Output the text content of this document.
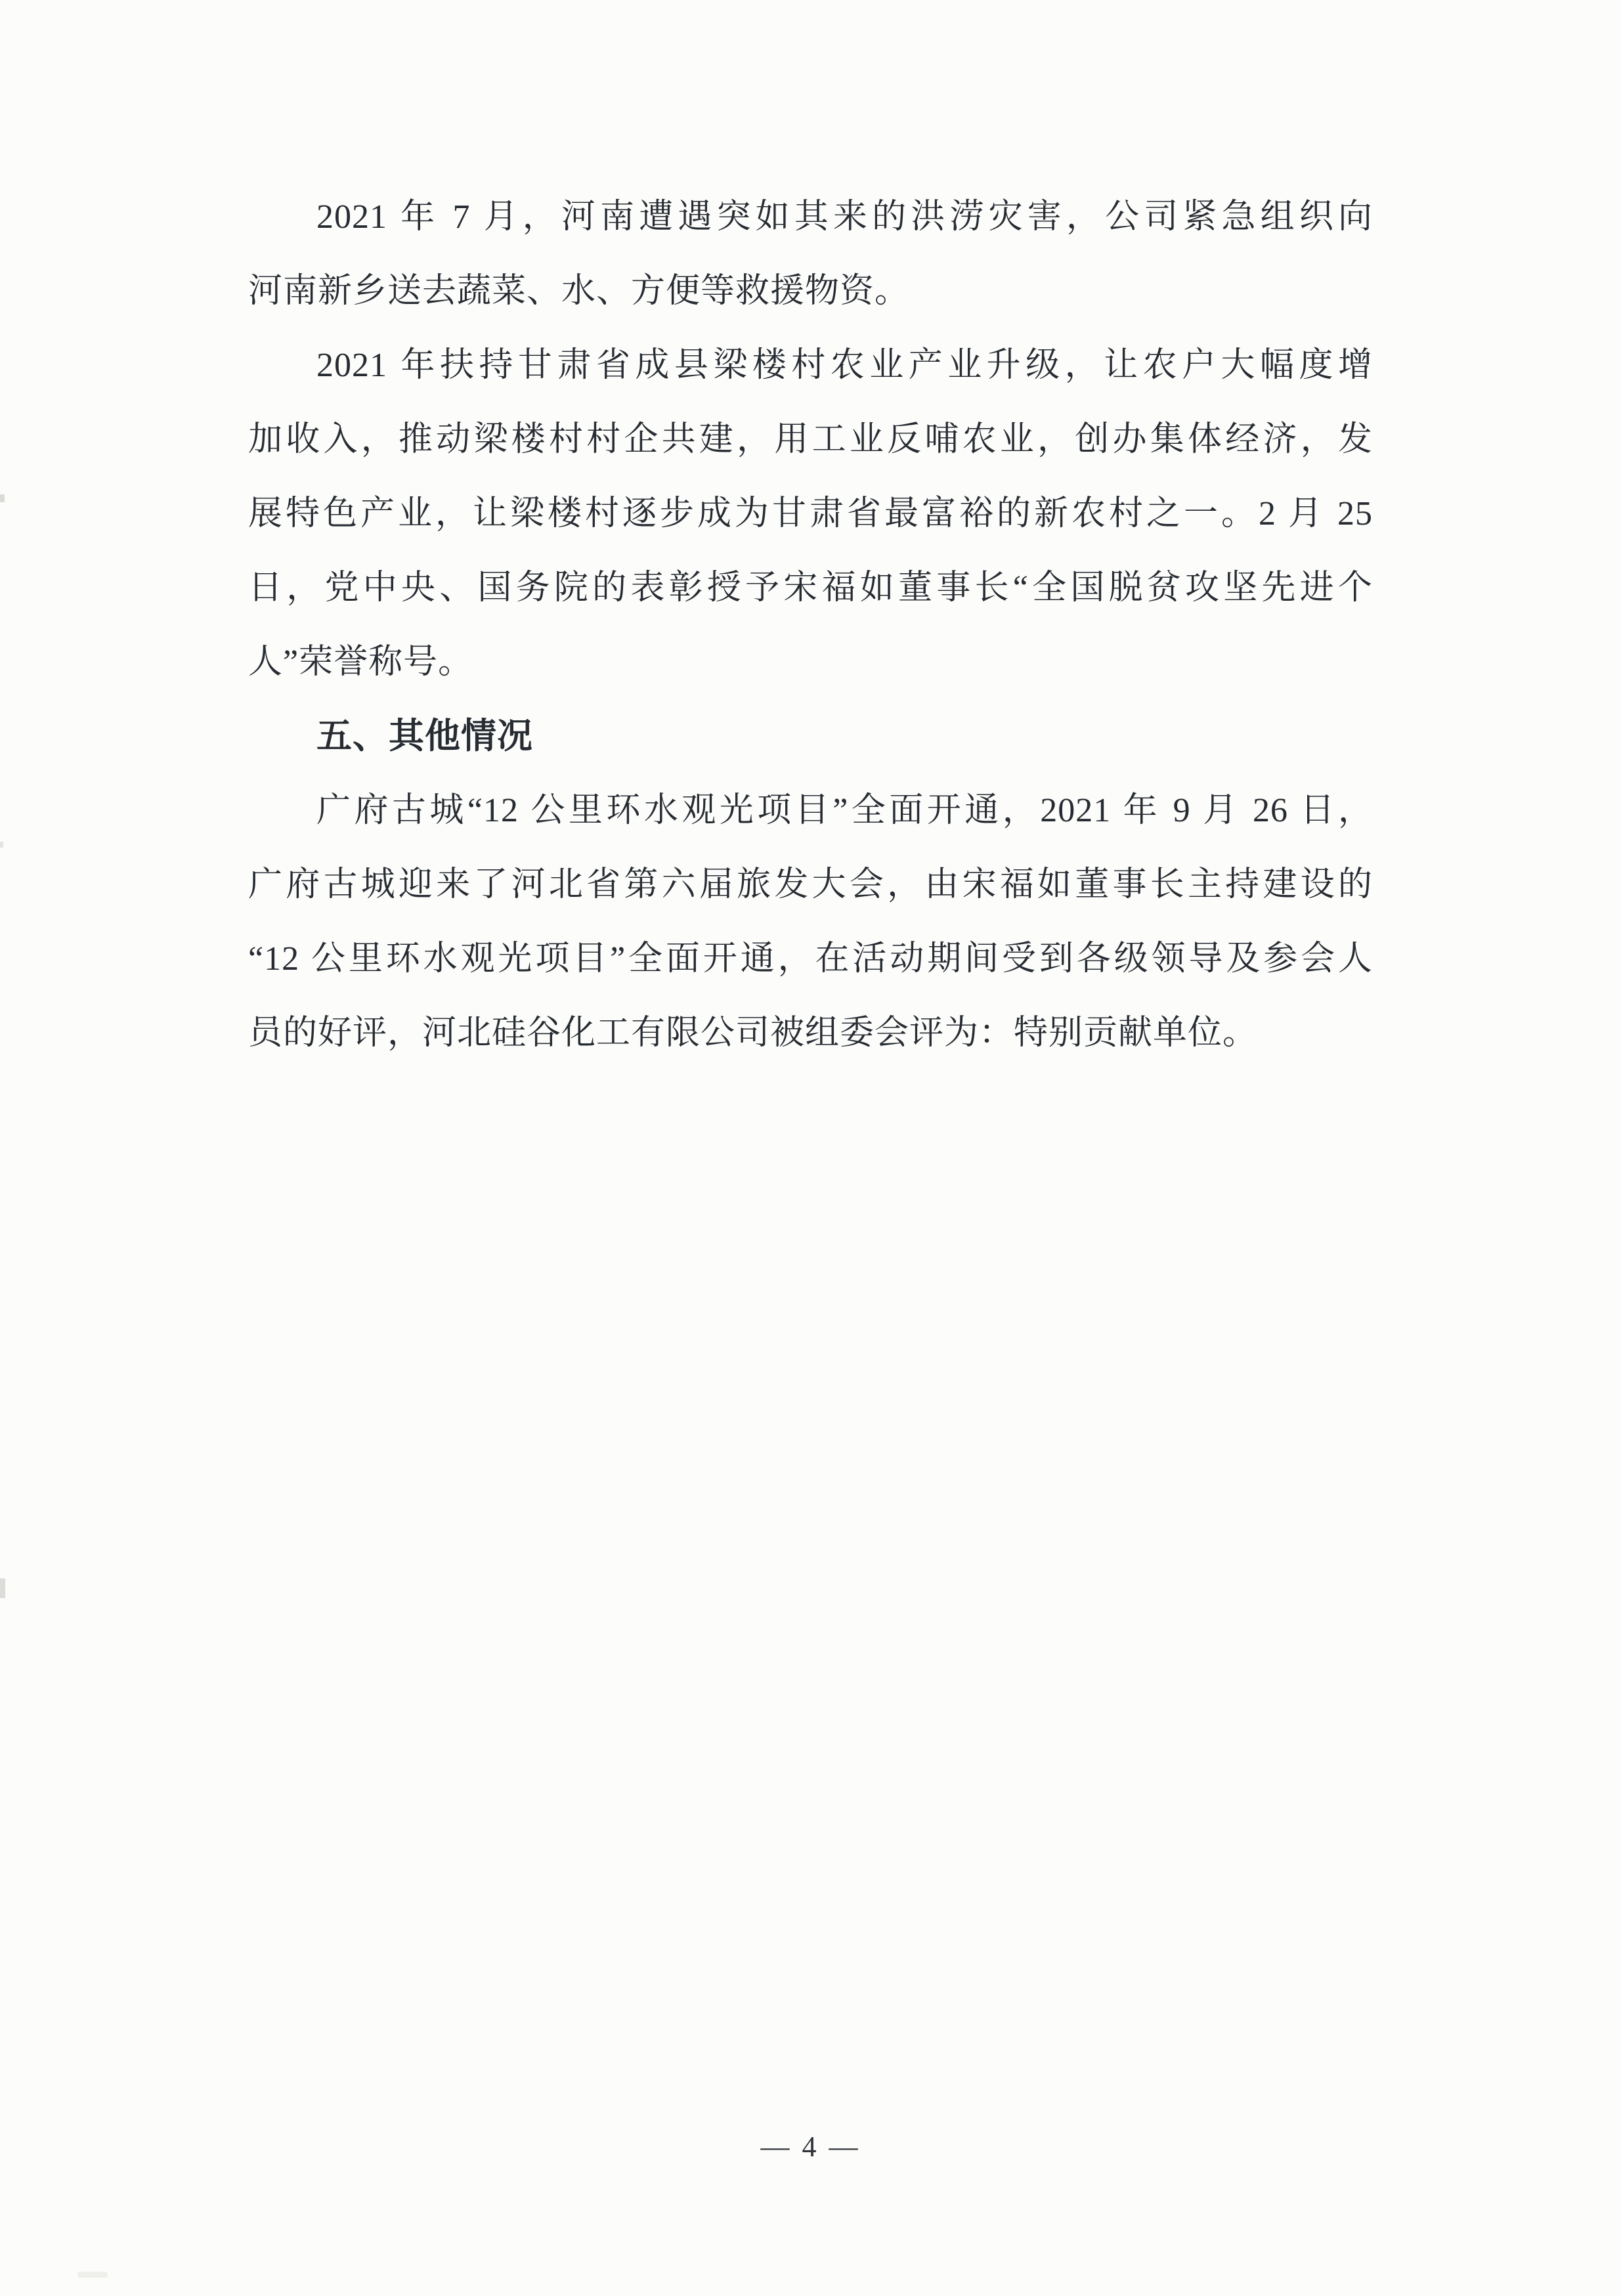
2021 年 7 月，河南遭遇突如其来的洪涝灾害，公司紧急组织向
河南新乡送去蔬菜、水、方便等救援物资。
2021 年扶持甘肃省成县梁楼村农业产业升级，让农户大幅度增
加收入，推动梁楼村村企共建，用工业反哺农业，创办集体经济，发
展特色产业，让梁楼村逐步成为甘肃省最富裕的新农村之一。2 月 25
日，党中央、国务院的表彰授予宋福如董事长“全国脱贫攻坚先进个
人”荣誉称号。
五、其他情况
广府古城“12 公里环水观光项目”全面开通，2021 年 9 月 26 日，
广府古城迎来了河北省第六届旅发大会，由宋福如董事长主持建设的
“12 公里环水观光项目”全面开通，在活动期间受到各级领导及参会人
员的好评，河北硅谷化工有限公司被组委会评为：特别贡献单位。
— 4 —
